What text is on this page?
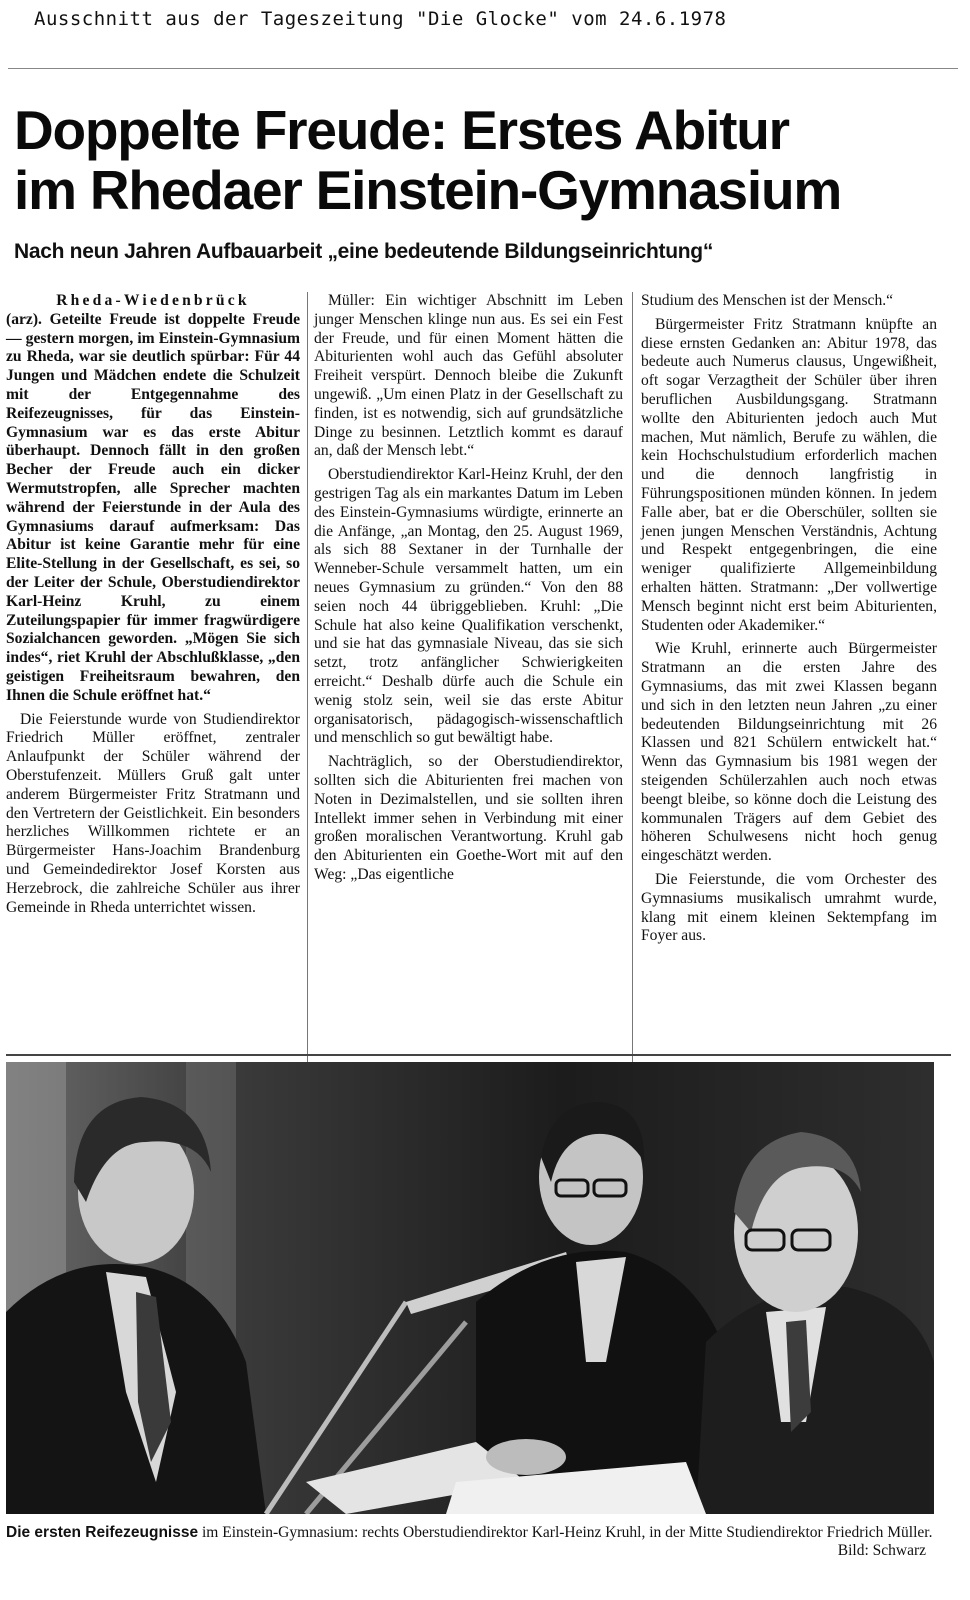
Ausschnitt aus der Tageszeitung "Die Glocke" vom 24.6.1978
Doppelte Freude: Erstes Abitur
im Rhedaer Einstein-Gymnasium
Nach neun Jahren Aufbauarbeit „eine bedeutende Bildungseinrichtung“
Rheda-Wiedenbrück

(arz). Geteilte Freude ist doppelte Freude — gestern morgen, im Einstein-Gymnasium zu Rheda, war sie deutlich spürbar: Für 44 Jungen und Mädchen endete die Schulzeit mit der Entgegennahme des Reifezeugnisses, für das Einstein-Gymnasium war es das erste Abitur überhaupt. Dennoch fällt in den großen Becher der Freude auch ein dicker Wermutstropfen, alle Sprecher machten während der Feierstunde in der Aula des Gymnasiums darauf aufmerksam: Das Abitur ist keine Garantie mehr für eine Elite-Stellung in der Gesellschaft, es sei, so der Leiter der Schule, Oberstudiendirektor Karl-Heinz Kruhl, zu einem Zuteilungspapier für immer fragwürdigere Sozialchancen geworden. „Mögen Sie sich indes“, riet Kruhl der Abschlußklasse, „den geistigen Freiheitsraum bewahren, den Ihnen die Schule eröffnet hat.“

Die Feierstunde wurde von Studiendirektor Friedrich Müller eröffnet, zentraler Anlaufpunkt der Schüler während der Oberstufenzeit. Müllers Gruß galt unter anderem Bürgermeister Fritz Stratmann und den Vertretern der Geistlichkeit. Ein besonders herzliches Willkommen richtete er an Bürgermeister Hans-Joachim Brandenburg und Gemeindedirektor Josef Korsten aus Herzebrock, die zahlreiche Schüler aus ihrer Gemeinde in Rheda unterrichtet wissen.

Müller: Ein wichtiger Abschnitt im Leben junger Menschen klinge nun aus. Es sei ein Fest der Freude, und für einen Moment hätten die Abiturienten wohl auch das Gefühl absoluter Freiheit verspürt. Dennoch bleibe die Zukunft ungewiß. „Um einen Platz in der Gesellschaft zu finden, ist es notwendig, sich auf grundsätzliche Dinge zu besinnen. Letztlich kommt es darauf an, daß der Mensch lebt.“

Oberstudiendirektor Karl-Heinz Kruhl, der den gestrigen Tag als ein markantes Datum im Leben des Einstein-Gymnasiums würdigte, erinnerte an die Anfänge, „an Montag, den 25. August 1969, als sich 88 Sextaner in der Turnhalle der Wenneber-Schule versammelt hatten, um ein neues Gymnasium zu gründen.“ Von den 88 seien noch 44 übriggeblieben. Kruhl: „Die Schule hat also keine Qualifikation verschenkt, und sie hat das gymnasiale Niveau, das sie sich setzt, trotz anfänglicher Schwierigkeiten erreicht.“ Deshalb dürfe auch die Schule ein wenig stolz sein, weil sie das erste Abitur organisatorisch, pädagogisch-wissenschaftlich und menschlich so gut bewältigt habe.

Nachträglich, so der Oberstudiendirektor, sollten sich die Abiturienten frei machen von Noten in Dezimalstellen, und sie sollten ihren Intellekt immer sehen in Verbindung mit einer großen moralischen Verantwortung. Kruhl gab den Abiturienten ein Goethe-Wort mit auf den Weg: „Das eigentliche

Studium des Menschen ist der Mensch.“

Bürgermeister Fritz Stratmann knüpfte an diese ernsten Gedanken an: Abitur 1978, das bedeute auch Numerus clausus, Ungewißheit, oft sogar Verzagtheit der Schüler über ihren beruflichen Ausbildungsgang. Stratmann wollte den Abiturienten jedoch auch Mut machen, Mut nämlich, Berufe zu wählen, die kein Hochschulstudium erforderlich machen und die dennoch langfristig in Führungspositionen münden können. In jedem Falle aber, bat er die Oberschüler, sollten sie jenen jungen Menschen Verständnis, Achtung und Respekt entgegenbringen, die eine weniger qualifizierte Allgemeinbildung erhalten hätten. Stratmann: „Der vollwertige Mensch beginnt nicht erst beim Abiturienten, Studenten oder Akademiker.“

Wie Kruhl, erinnerte auch Bürgermeister Stratmann an die ersten Jahre des Gymnasiums, das mit zwei Klassen begann und sich in den letzten neun Jahren „zu einer bedeutenden Bildungseinrichtung mit 26 Klassen und 821 Schülern entwickelt hat.“ Wenn das Gymnasium bis 1981 wegen der steigenden Schülerzahlen auch noch etwas beengt bleibe, so könne doch die Leistung des kommunalen Trägers auf dem Gebiet des höheren Schulwesens nicht hoch genug eingeschätzt werden.

Die Feierstunde, die vom Orchester des Gymnasiums musikalisch umrahmt wurde, klang mit einem kleinen Sektempfang im Foyer aus.

Die ersten Reifezeugnisse im Einstein-Gymnasium: rechts Oberstudiendirektor Karl-Heinz Kruhl, in der Mitte Studiendirektor Friedrich Müller.
Bild: Schwarz
